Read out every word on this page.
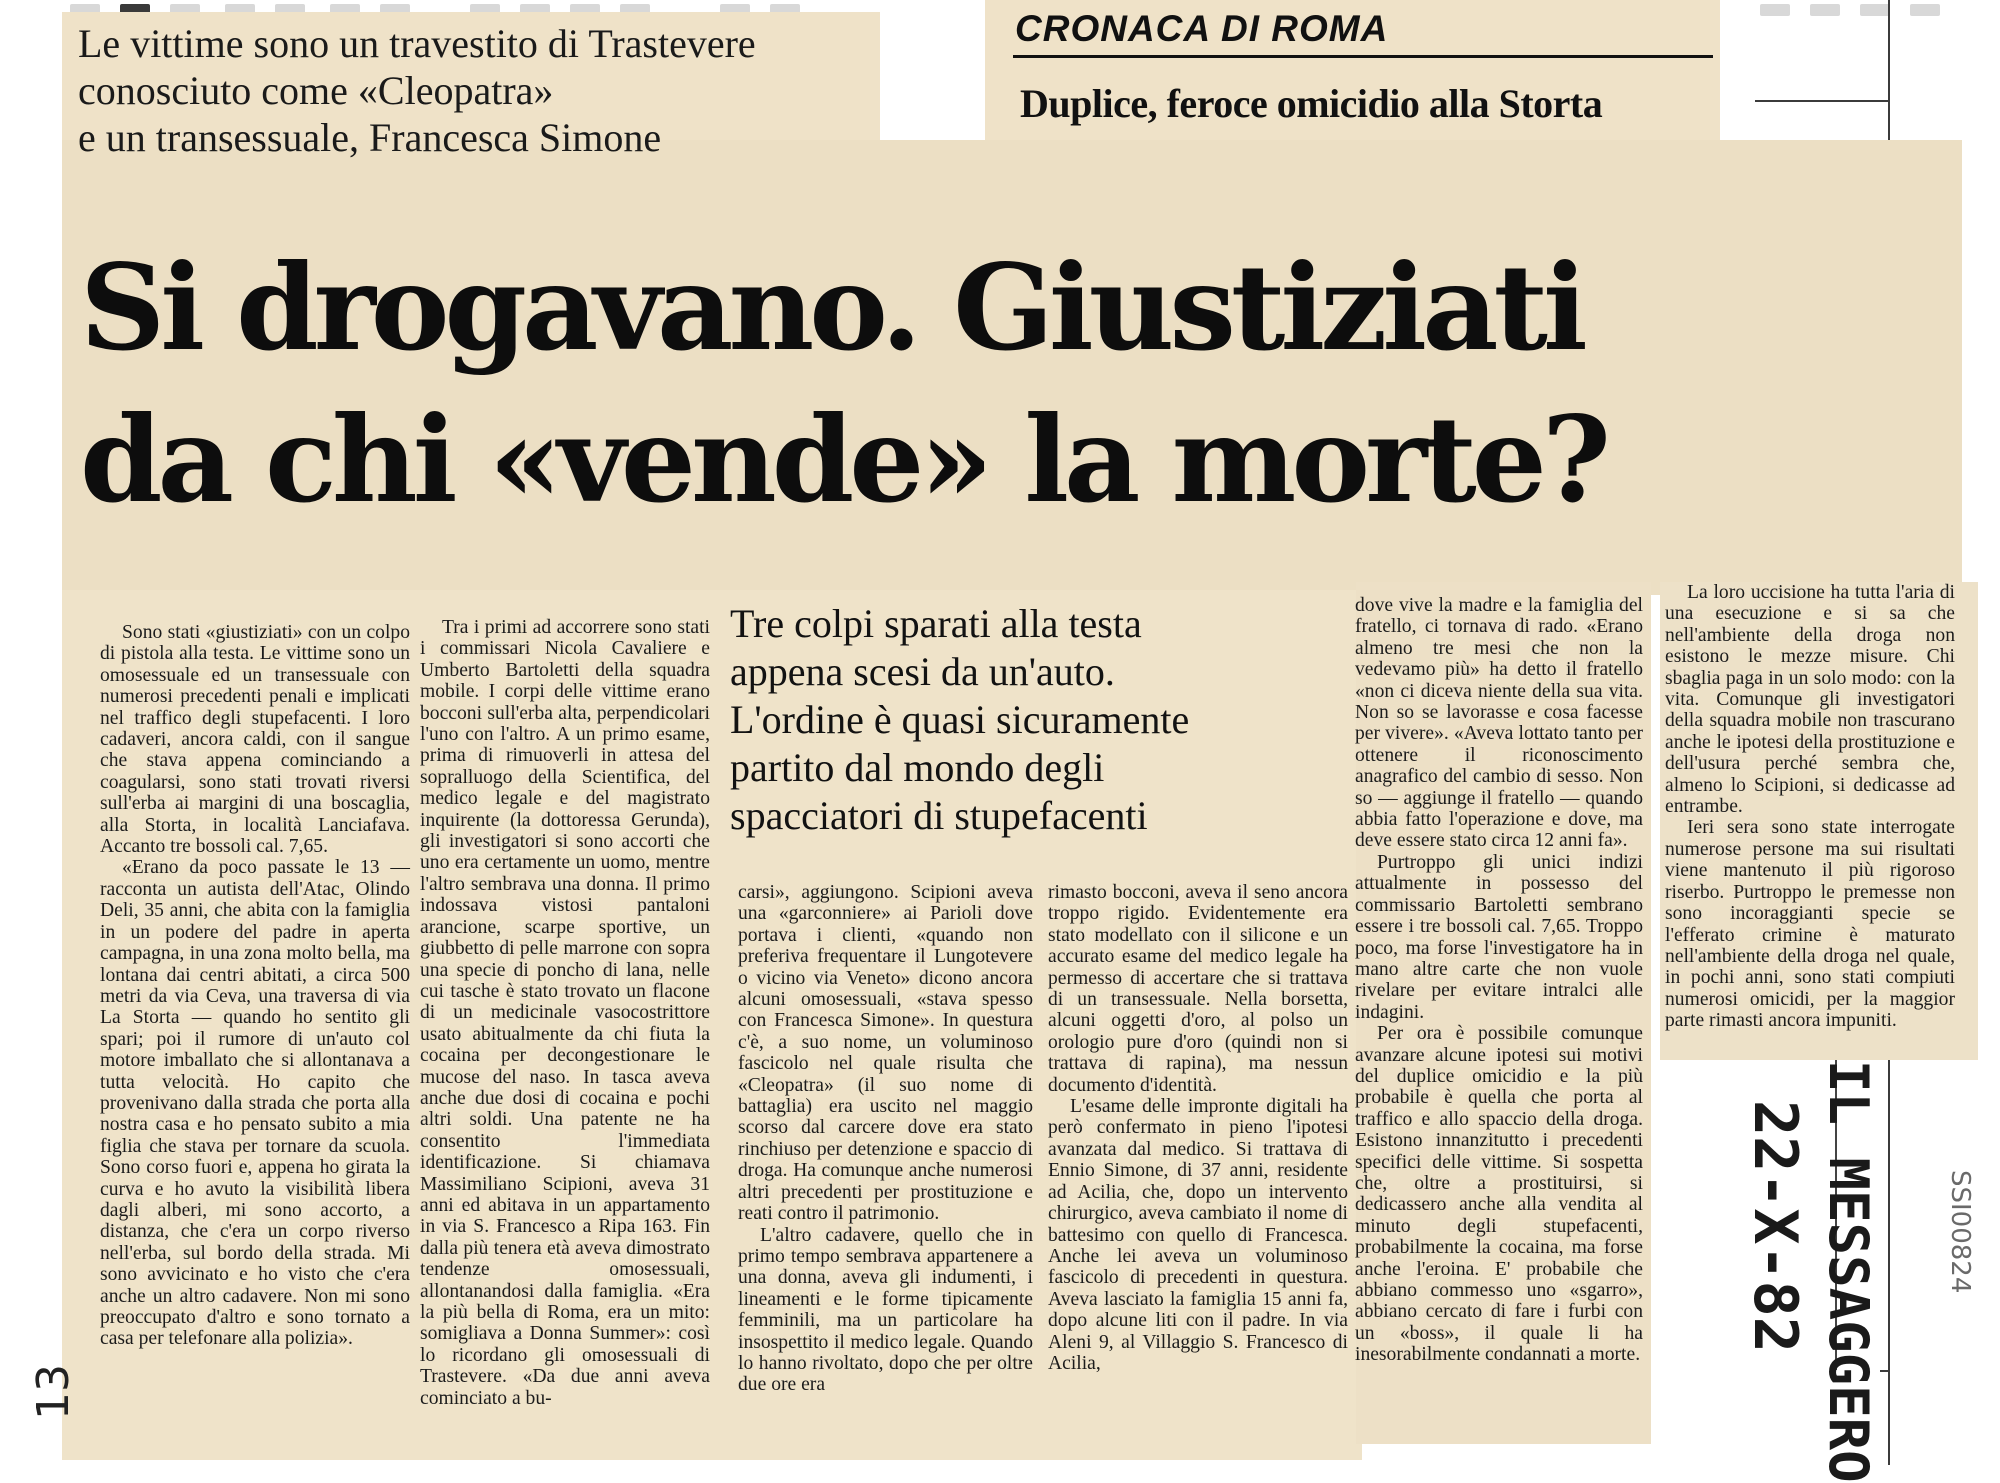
Le vittime sono un travestito di Trastevere
conosciuto come «Cleopatra»
e un transessuale, Francesca Simone
CRONACA DI ROMA
Duplice, feroce omicidio alla Storta
Si drogavano. Giustiziati
da chi «vende» la morte?
Tre colpi sparati alla testa
appena scesi da un'auto.
L'ordine è quasi sicuramente
partito dal mondo degli
spacciatori di stupefacenti

Sono stati «giustiziati» con un colpo di pistola alla testa. Le vittime sono un omosessuale ed un transessuale con numerosi precedenti penali e implicati nel traffico degli stupefacenti. I loro cadaveri, ancora caldi, con il sangue che stava appena cominciando a coagularsi, sono stati trovati riversi sull'erba ai margini di una boscaglia, alla Storta, in località Lanciafava. Accanto tre bossoli cal. 7,65.

«Erano da poco passate le 13 — racconta un autista dell'Atac, Olindo Deli, 35 anni, che abita con la famiglia in un podere del padre in aperta campagna, in una zona molto bella, ma lontana dai centri abitati, a circa 500 metri da via Ceva, una traversa di via La Storta — quando ho sentito gli spari; poi il rumore di un'auto col motore imballato che si allontanava a tutta velocità. Ho capito che provenivano dalla strada che porta alla nostra casa e ho pensato subito a mia figlia che stava per tornare da scuola. Sono corso fuori e, appena ho girata la curva e ho avuto la visibilità libera dagli alberi, mi sono accorto, a distanza, che c'era un corpo riverso nell'erba, sul bordo della strada. Mi sono avvicinato e ho visto che c'era anche un altro cadavere. Non mi sono preoccupato d'altro e sono tornato a casa per telefonare alla polizia».

Tra i primi ad accorrere sono stati i commissari Nicola Cavaliere e Umberto Bartoletti della squadra mobile. I corpi delle vittime erano bocconi sull'erba alta, perpendicolari l'uno con l'altro. A un primo esame, prima di rimuoverli in attesa del sopralluogo della Scientifica, del medico legale e del magistrato inquirente (la dottoressa Gerunda), gli investigatori si sono accorti che uno era certamente un uomo, mentre l'altro sembrava una donna. Il primo indossava vistosi pantaloni arancione, scarpe sportive, un giubbetto di pelle marrone con sopra una specie di poncho di lana, nelle cui tasche è stato trovato un flacone di un medicinale vasocostrittore usato abitualmente da chi fiuta la cocaina per decongestionare le mucose del naso. In tasca aveva anche due dosi di cocaina e pochi altri soldi. Una patente ne ha consentito l'immediata identificazione. Si chiamava Massimiliano Scipioni, aveva 31 anni ed abitava in un appartamento in via S. Francesco a Ripa 163. Fin dalla più tenera età aveva dimostrato tendenze omosessuali, allontanandosi dalla famiglia. «Era la più bella di Roma, era un mito: somigliava a Donna Summer»: così lo ricordano gli omosessuali di Trastevere. «Da due anni aveva cominciato a bu-

carsi», aggiungono. Scipioni aveva una «garconniere» ai Parioli dove portava i clienti, «quando non preferiva frequentare il Lungotevere o vicino via Veneto» dicono ancora alcuni omosessuali, «stava spesso con Francesca Simone». In questura c'è, a suo nome, un voluminoso fascicolo nel quale risulta che «Cleopatra» (il suo nome di battaglia) era uscito nel maggio scorso dal carcere dove era stato rinchiuso per detenzione e spaccio di droga. Ha comunque anche numerosi altri precedenti per prostituzione e reati contro il patrimonio.

L'altro cadavere, quello che in primo tempo sembrava appartenere a una donna, aveva gli indumenti, i lineamenti e le forme tipicamente femminili, ma un particolare ha insospettito il medico legale. Quando lo hanno rivoltato, dopo che per oltre due ore era

rimasto bocconi, aveva il seno ancora troppo rigido. Evidentemente era stato modellato con il silicone e un accurato esame del medico legale ha permesso di accertare che si trattava di un transessuale. Nella borsetta, alcuni oggetti d'oro, al polso un orologio pure d'oro (quindi non si trattava di rapina), ma nessun documento d'identità.

L'esame delle impronte digitali ha però confermato in pieno l'ipotesi avanzata dal medico. Si trattava di Ennio Simone, di 37 anni, residente ad Acilia, che, dopo un intervento chirurgico, aveva cambiato il nome di battesimo con quello di Francesca. Anche lei aveva un voluminoso fascicolo di precedenti in questura. Aveva lasciato la famiglia 15 anni fa, dopo alcune liti con il padre. In via Aleni 9, al Villaggio S. Francesco di Acilia,

dove vive la madre e la famiglia del fratello, ci tornava di rado. «Erano almeno tre mesi che non la vedevamo più» ha detto il fratello «non ci diceva niente della sua vita. Non so se lavorasse e cosa facesse per vivere». «Aveva lottato tanto per ottenere il riconoscimento anagrafico del cambio di sesso. Non so — aggiunge il fratello — quando abbia fatto l'operazione e dove, ma deve essere stato circa 12 anni fa».

Purtroppo gli unici indizi attualmente in possesso del commissario Bartoletti sembrano essere i tre bossoli cal. 7,65. Troppo poco, ma forse l'investigatore ha in mano altre carte che non vuole rivelare per evitare intralci alle indagini.

Per ora è possibile comunque avanzare alcune ipotesi sui motivi del duplice omicidio e la più probabile è quella che porta al traffico e allo spaccio della droga. Esistono innanzitutto i precedenti specifici delle vittime. Si sospetta che, oltre a prostituirsi, si dedicassero anche alla vendita al minuto degli stupefacenti, probabilmente la cocaina, ma forse anche l'eroina. E' probabile che abbiano commesso uno «sgarro», abbiano cercato di fare i furbi con un «boss», il quale li ha inesorabilmente condannati a morte.

La loro uccisione ha tutta l'aria di una esecuzione e si sa che nell'ambiente della droga non esistono le mezze misure. Chi sbaglia paga in un solo modo: con la vita. Comunque gli investigatori della squadra mobile non trascurano anche le ipotesi della prostituzione e dell'usura perché sembra che, almeno lo Scipioni, si dedicasse ad entrambe.

Ieri sera sono state interrogate numerose persone ma sui risultati viene mantenuto il più rigoroso riserbo. Purtroppo le premesse non sono incoraggianti specie se l'efferato crimine è maturato nell'ambiente della droga nel quale, in pochi anni, sono stati compiuti numerosi omicidi, per la maggior parte rimasti ancora impuniti.

IL MESSAGGERO
22-X-82	SSI00824
13
